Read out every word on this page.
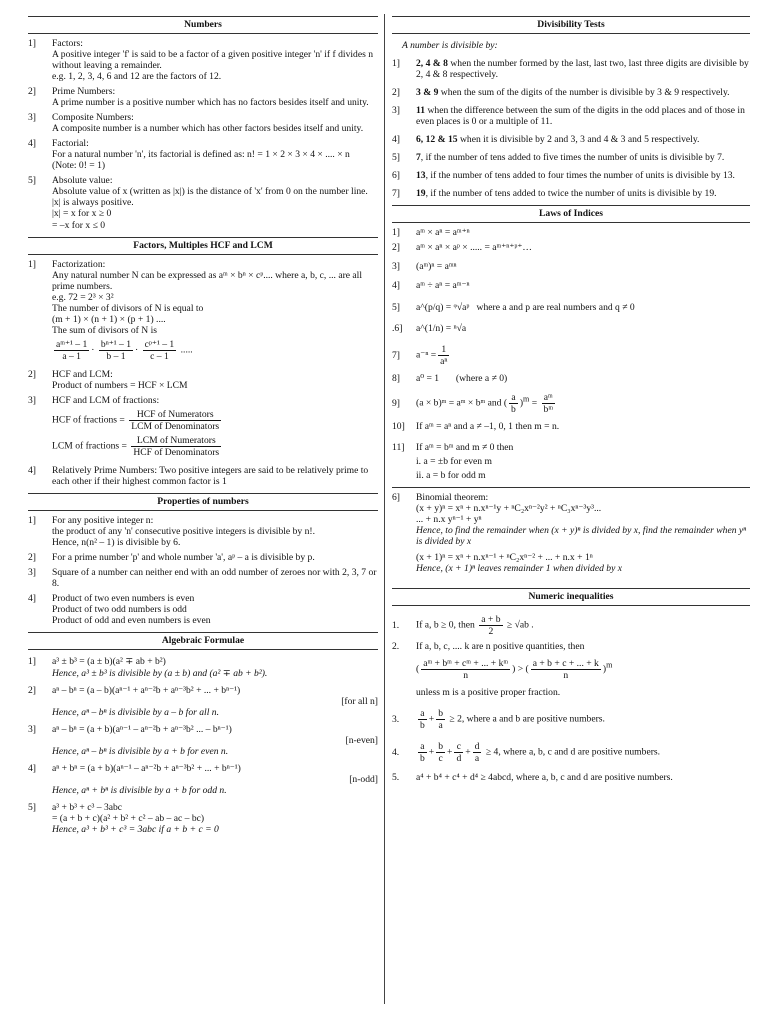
Numbers
1]	Factors:

A positive integer 'f' is said to be a factor of a given positive integer 'n' if f divides n without leaving a remainder.

e.g. 1, 2, 3, 4, 6 and 12 are the factors of 12.

2]	Prime Numbers:

A prime number is a positive number which has no factors besides itself and unity.

3]	Composite Numbers:

A composite number is a number which has other factors besides itself and unity.

4]	Factorial:

For a natural number 'n', its factorial is defined as: n! = 1 × 2 × 3 × 4 × .... × n

(Note: 0! = 1)

5]	Absolute value:

Absolute value of x (written as |x|) is the distance of 'x' from 0 on the number line. |x| is always positive.

|x| = x for x ≥ 0

= –x for x ≤ 0

Factors, Multiples HCF and LCM
1]	Factorization:

Any natural number N can be expressed as aᵐ × bⁿ × cᵖ.... where a, b, c, ... are all prime numbers.

e.g. 72 = 2³ × 3²

The number of divisors of N is equal to

(m + 1) × (n + 1) × (p + 1) ....

The sum of divisors of N is

$\frac{\text{aᵐ⁺¹ – 1}}{a - 1} \cdot \frac{\text{bⁿ⁺¹ – 1}}{b - 1} \cdot \frac{\text{cᵖ⁺¹ – 1}}{c - 1}$ .....
2]	HCF and LCM:

Product of numbers = HCF × LCM

3]	HCF and LCM of fractions:

HCF of fractions = $\frac{\text{HCF of Numerators}}{\text{LCM of Denominators}}$
LCM of fractions = $\frac{\text{LCM of Numerators}}{\text{HCF of Denominators}}$
4]	Relatively Prime Numbers: Two positive integers are said to be relatively prime to each other if their highest common factor is 1

Properties of numbers
1]	For any positive integer n:

the product of any 'n' consecutive positive integers is divisible by n!.

Hence, n(n² – 1) is divisible by 6.

2]	For a prime number 'p' and whole number 'a', aᵖ – a is divisible by p.

3]	Square of a number can neither end with an odd number of zeroes nor with 2, 3, 7 or 8.

4]	Product of two even numbers is even

Product of two odd numbers is odd

Product of odd and even numbers is even

Algebraic Formulae
1]	a³ ± b³ = (a ± b)(a² ∓ ab + b²)

Hence, a³ ± b³ is divisible by (a ± b) and (a² ∓ ab + b²).

2]	aⁿ – bⁿ = (a – b)(aⁿ⁻¹ + aⁿ⁻²b + aⁿ⁻³b² + ... + bⁿ⁻¹)

[for all n]

Hence, aⁿ – bⁿ is divisible by a – b for all n.

3]	aⁿ – bⁿ = (a + b)(aⁿ⁻¹ – aⁿ⁻²b + aⁿ⁻³b² ... – bⁿ⁻¹)

[n-even]

Hence, aⁿ – bⁿ is divisible by a + b for even n.

4]	aⁿ + bⁿ = (a + b)(aⁿ⁻¹ – aⁿ⁻²b + aⁿ⁻³b² + ... + bⁿ⁻¹)

[n-odd]

Hence, aⁿ + bⁿ is divisible by a + b for odd n.

5]	a³ + b³ + c³ – 3abc

= (a + b + c)(a² + b² + c² – ab – ac – bc)

Hence, a³ + b³ + c³ = 3abc if a + b + c = 0

Divisibility Tests

A number is divisible by:

1]	2, 4 & 8 when the number formed by the last, last two, last three digits are divisible by 2, 4 & 8 respectively.

2]	3 & 9 when the sum of the digits of the number is divisible by 3 & 9 respectively.

3]	11 when the difference between the sum of the digits in the odd places and of those in even places is 0 or a multiple of 11.

4]	6, 12 & 15 when it is divisible by 2 and 3, 3 and 4 & 3 and 5 respectively.

5]	7, if the number of tens added to five times the number of units is divisible by 7.

6]	13, if the number of tens added to four times the number of units is divisible by 13.

7]	19, if the number of tens added to twice the number of units is divisible by 19.

Laws of Indices
1]	aᵐ × aⁿ = aᵐ⁺ⁿ
2]	aᵐ × aⁿ × aᵖ × ..... = aᵐ⁺ⁿ⁺ᵖ⁺…
3]	(aᵐ)ⁿ = aᵐⁿ
4]	aᵐ ÷ aⁿ = aᵐ⁻ⁿ
5]	a^(p/q) = ᵠ√aᵖ where a and p are real numbers and q ≠ 0
.6]	a^(1/n) = ⁿ√a
7]	$a^{-n} = \frac{1}{\text{aⁿ}}$
8]	a⁰ = 1 (where a ≠ 0)
9]	(a × b)ᵐ = aᵐ × bᵐ and ( $\frac{a}{b} )^m = \frac{\text{aᵐ}}{\text{bᵐ}}$
10]	If aᵐ = aⁿ and a ≠ –1, 0, 1 then m = n.
11]	If aᵐ = bᵐ and m ≠ 0 then

i. a = ±b for even m

ii. a = b for odd m

6]	Binomial theorem:

(x + y)ⁿ = xⁿ + n.xⁿ⁻¹y + ⁿC₂xⁿ⁻²y² + ⁿC₃xⁿ⁻³y³...

... + n.x yⁿ⁻¹ + yⁿ

Hence, to find the remainder when (x + y)ⁿ is divided by x, find the remainder when yⁿ is divided by x

(x + 1)ⁿ = xⁿ + n.xⁿ⁻¹ + ⁿC₂xⁿ⁻² + ... + n.x + 1ⁿ

Hence, (x + 1)ⁿ leaves remainder 1 when divided by x

Numeric inequalities
1.	If a, b ≥ 0, then $\frac{a + b}{2} \ge √ab$ .
2.	If a, b, c, .... k are n positive quantities, then

( $\frac{\text{aᵐ + bᵐ + cᵐ + ... + kᵐ}}{n}$ ) > ( $\frac{a + b + c + ... + k}{n} )^m$

unless m is a positive proper fraction.

3.	$\frac{a}{b} + \frac{b}{a} \ge 2$, where a and b are positive numbers.
4.	$\frac{a}{b} + \frac{b}{c} + \frac{c}{d} + \frac{d}{a} \ge 4$, where a, b, c and d are positive numbers.
5.	a⁴ + b⁴ + c⁴ + d⁴ ≥ 4abcd, where a, b, c and d are positive numbers.
